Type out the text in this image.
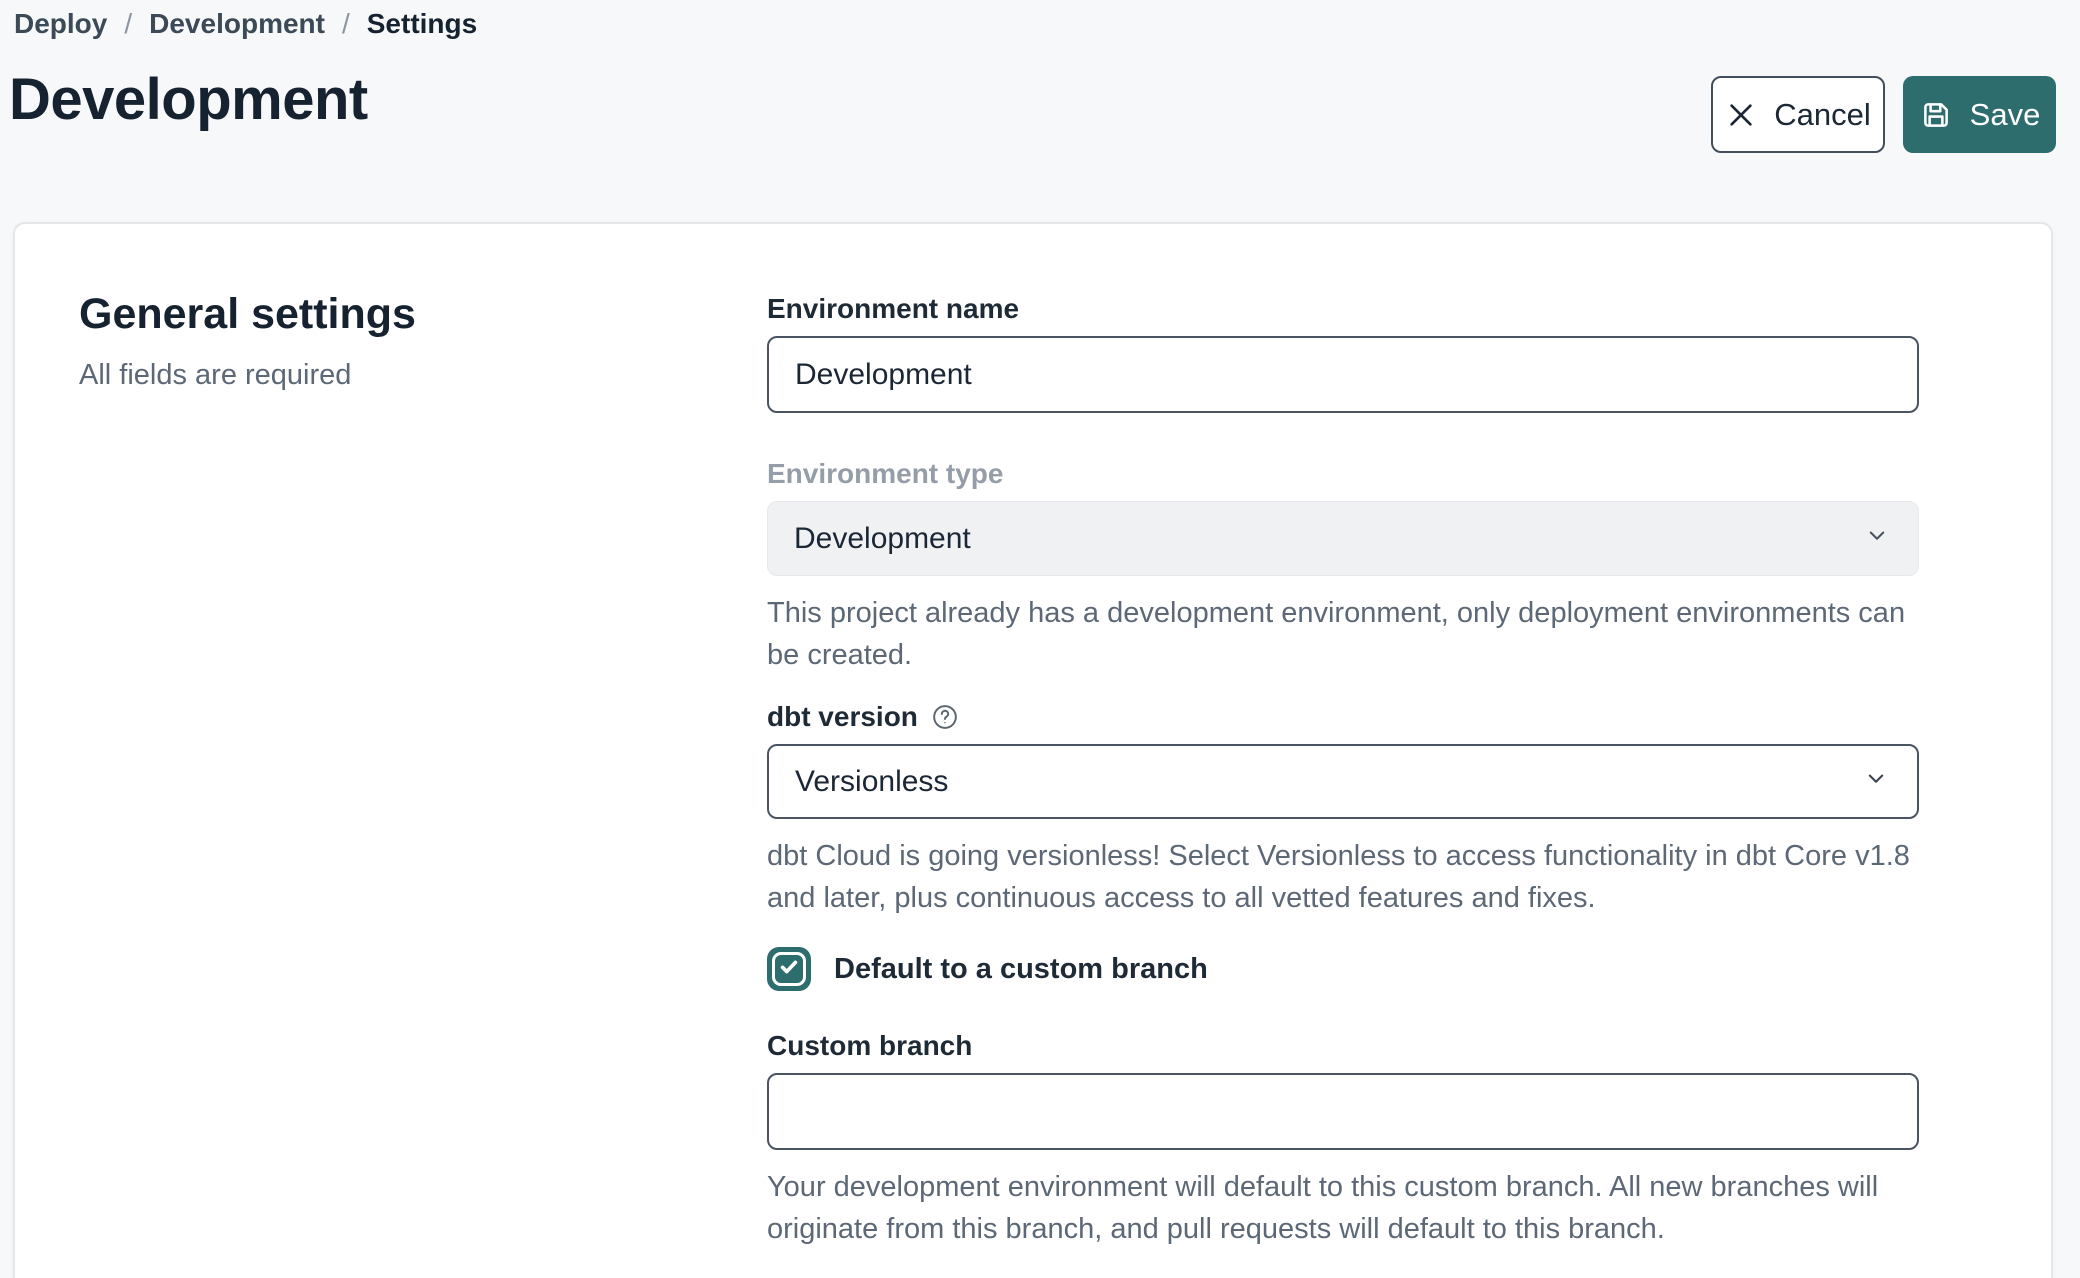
Deploy / Development / Settings
Development	Cancel	Save
General settings
All fields are required
Environment name
Development
Environment type
Development
This project already has a development environment, only deployment environments can be created.
dbt version
Versionless
dbt Cloud is going versionless! Select Versionless to access functionality in dbt Core v1.8 and later, plus continuous access to all vetted features and fixes.
Default to a custom branch
Custom branch
Your development environment will default to this custom branch. All new branches will originate from this branch, and pull requests will default to this branch.
